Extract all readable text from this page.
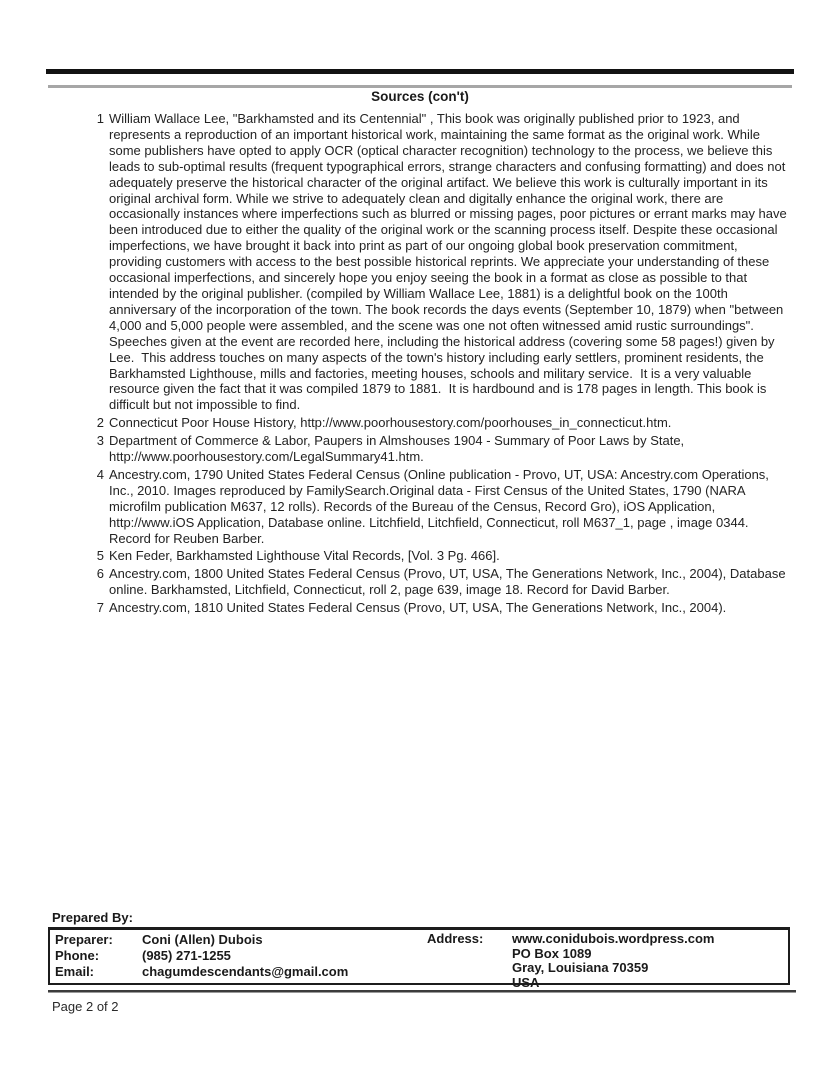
Sources (con't)
1 William Wallace Lee, "Barkhamsted and its Centennial" , This book was originally published prior to 1923, and represents a reproduction of an important historical work, maintaining the same format as the original work. While some publishers have opted to apply OCR (optical character recognition) technology to the process, we believe this leads to sub-optimal results (frequent typographical errors, strange characters and confusing formatting) and does not adequately preserve the historical character of the original artifact. We believe this work is culturally important in its original archival form. While we strive to adequately clean and digitally enhance the original work, there are occasionally instances where imperfections such as blurred or missing pages, poor pictures or errant marks may have been introduced due to either the quality of the original work or the scanning process itself. Despite these occasional imperfections, we have brought it back into print as part of our ongoing global book preservation commitment, providing customers with access to the best possible historical reprints. We appreciate your understanding of these occasional imperfections, and sincerely hope you enjoy seeing the book in a format as close as possible to that intended by the original publisher. (compiled by William Wallace Lee, 1881) is a delightful book on the 100th anniversary of the incorporation of the town. The book records the days events (September 10, 1879) when "between 4,000 and 5,000 people were assembled, and the scene was one not often witnessed amid rustic surroundings".  Speeches given at the event are recorded here, including the historical address (covering some 58 pages!) given by Lee.  This address touches on many aspects of the town's history including early settlers, prominent residents, the Barkhamsted Lighthouse, mills and factories, meeting houses, schools and military service.  It is a very valuable resource given the fact that it was compiled 1879 to 1881.  It is hardbound and is 178 pages in length. This book is difficult but not impossible to find.
2 Connecticut Poor House History, http://www.poorhousestory.com/poorhouses_in_connecticut.htm.
3 Department of Commerce & Labor, Paupers in Almshouses 1904 - Summary of Poor Laws by State, http://www.poorhousestory.com/LegalSummary41.htm.
4 Ancestry.com, 1790 United States Federal Census (Online publication - Provo, UT, USA: Ancestry.com Operations, Inc., 2010. Images reproduced by FamilySearch.Original data - First Census of the United States, 1790 (NARA microfilm publication M637, 12 rolls). Records of the Bureau of the Census, Record Gro), iOS Application, http://www.iOS Application, Database online. Litchfield, Litchfield, Connecticut, roll M637_1, page , image 0344. Record for Reuben Barber.
5 Ken Feder, Barkhamsted Lighthouse Vital Records, [Vol. 3 Pg. 466].
6 Ancestry.com, 1800 United States Federal Census (Provo, UT, USA, The Generations Network, Inc., 2004), Database online. Barkhamsted, Litchfield, Connecticut, roll 2, page 639, image 18. Record for David Barber.
7 Ancestry.com, 1810 United States Federal Census (Provo, UT, USA, The Generations Network, Inc., 2004).
Prepared By:
Preparer:	Coni (Allen) Dubois
Phone:	(985) 271-1255
Email:	chagumdescendants@gmail.com
Address:	www.conidubois.wordpress.com
PO Box 1089
Gray, Louisiana 70359
USA
Page 2 of 2
